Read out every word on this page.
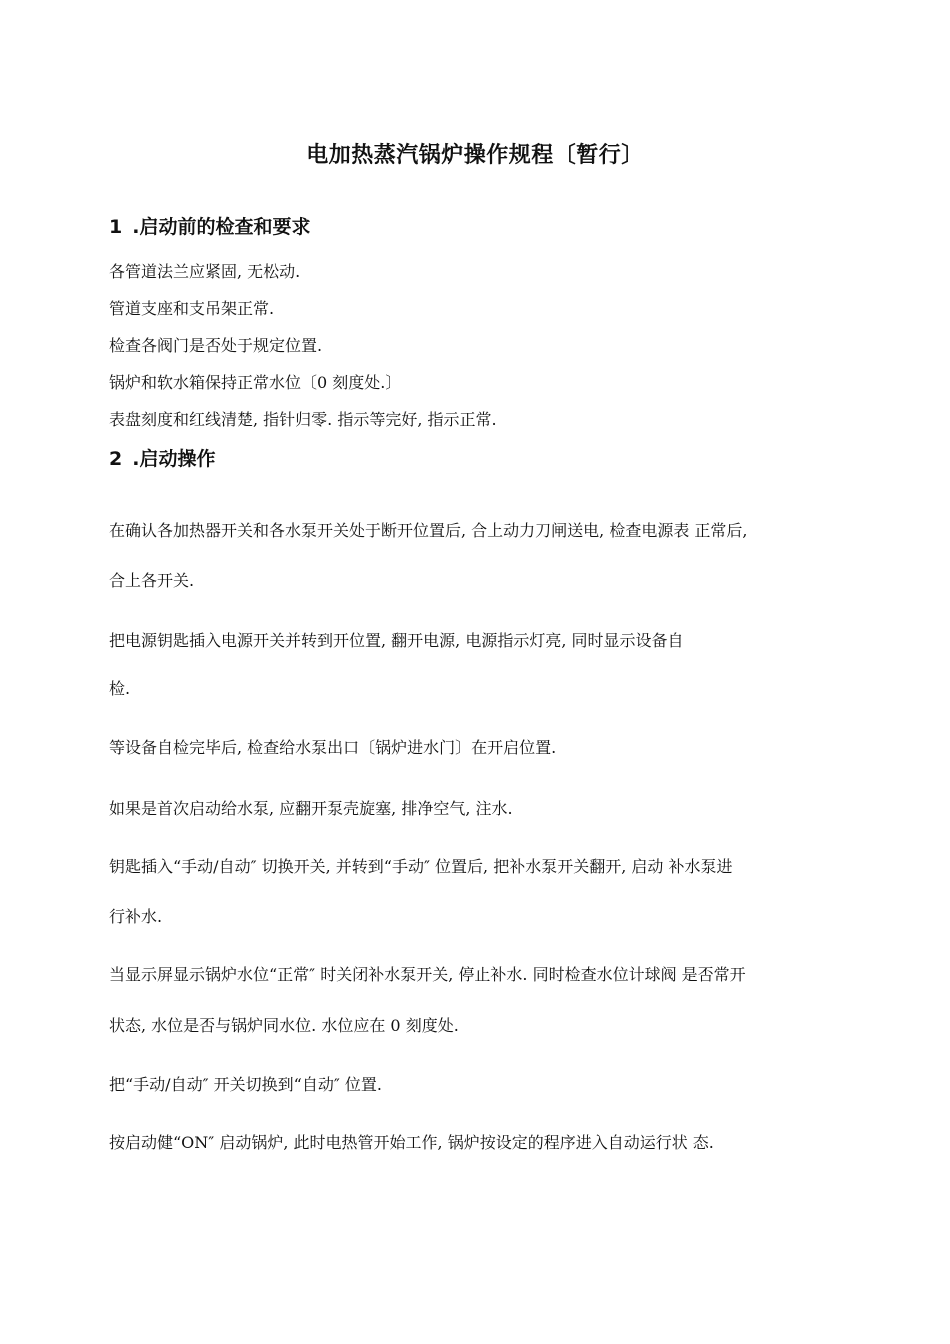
电加热蒸汽锅炉操作规程〔暂行〕
1 .启动前的检查和要求
各管道法兰应紧固, 无松动.
管道支座和支吊架正常.
检查各阀门是否处于规定位置.
锅炉和软水箱保持正常水位〔0 刻度处.〕
表盘刻度和红线清楚, 指针归零. 指示等完好, 指示正常.
2 .启动操作
在确认各加热器开关和各水泵开关处于断开位置后, 合上动力刀闸送电, 检查电源表 正常后,
合上各开关.
把电源钥匙插入电源开关并转到开位置, 翻开电源, 电源指示灯亮, 同时显示设备自
检.
等设备自检完毕后, 检查给水泵出口〔锅炉进水门〕在开启位置.
如果是首次启动给水泵, 应翻开泵壳旋塞, 排净空气, 注水.
钥匙插入“手动/自动″ 切换开关, 并转到“手动″ 位置后, 把补水泵开关翻开, 启动 补水泵进
行补水.
当显示屏显示锅炉水位“正常″ 时关闭补水泵开关, 停止补水. 同时检查水位计球阀 是否常开
状态, 水位是否与锅炉同水位. 水位应在 0 刻度处.
把“手动/自动″ 开关切换到“自动″ 位置.
按启动健“ON″ 启动锅炉, 此时电热管开始工作, 锅炉按设定的程序进入自动运行状 态.
